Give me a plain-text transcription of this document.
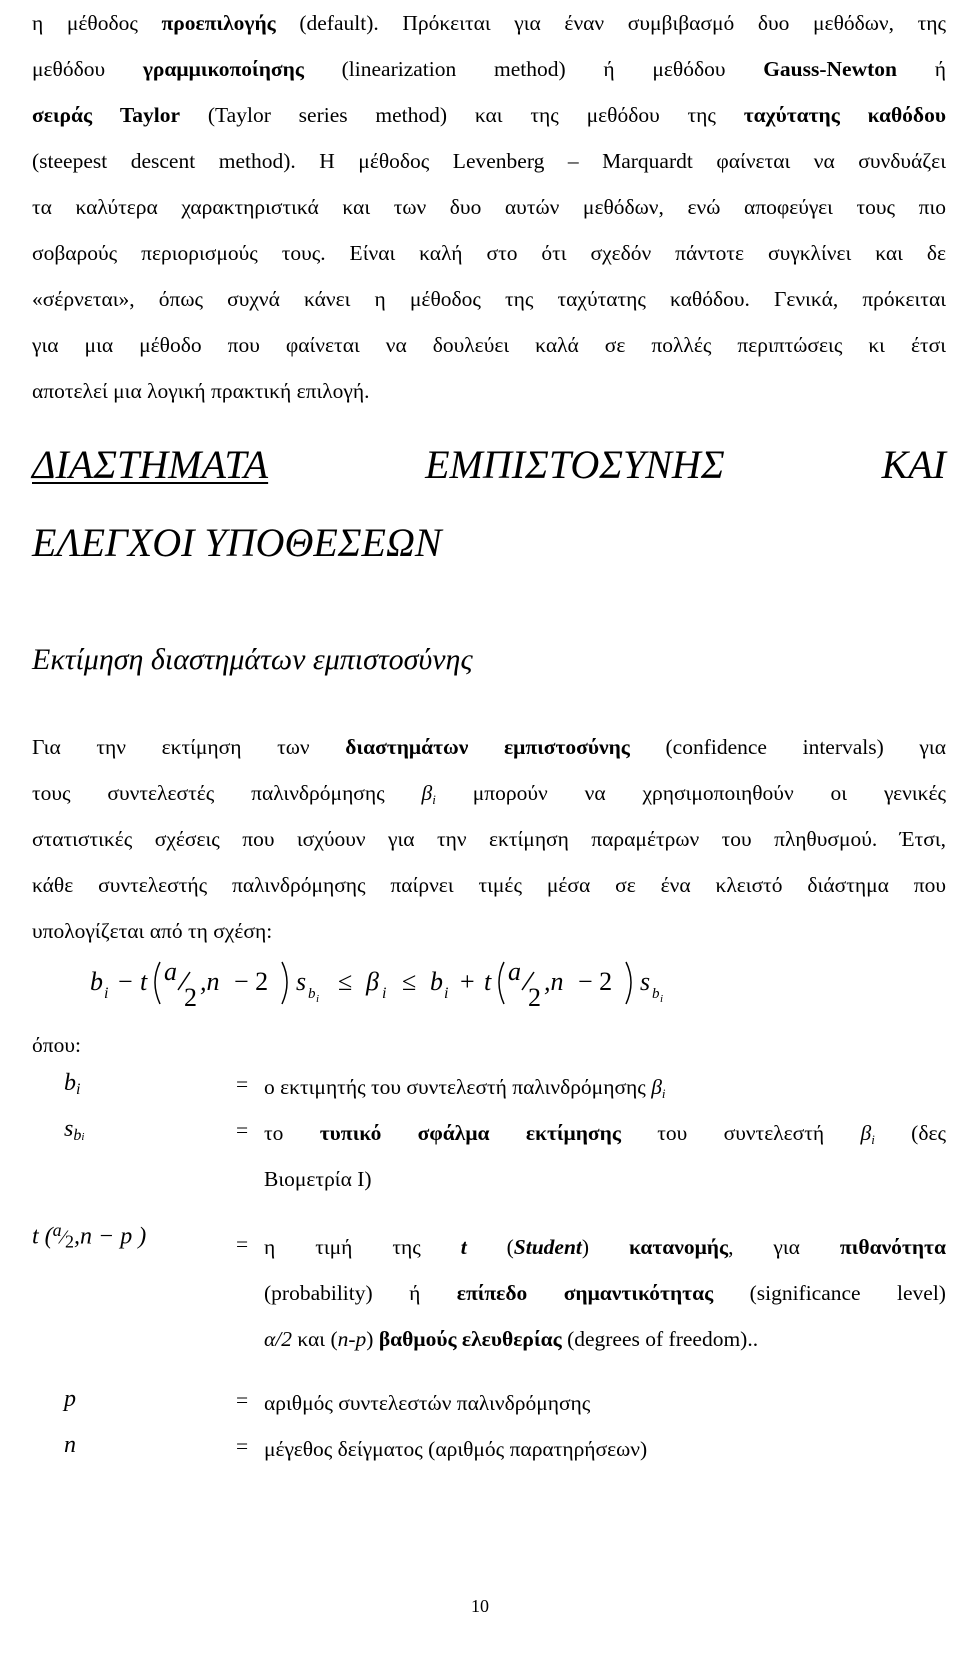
η μέθοδος προεπιλογής (default). Πρόκειται για έναν συμβιβασμό δυο μεθόδων, της
μεθόδου γραμμικοποίησης (linearization method) ή μεθόδου Gauss-Newton ή
σειράς Taylor (Taylor series method) και της μεθόδου της ταχύτατης καθόδου
(steepest descent method). Η μέθοδος Levenberg – Marquardt φαίνεται να συνδυάζει
τα καλύτερα χαρακτηριστικά και των δυο αυτών μεθόδων, ενώ αποφεύγει τους πιο
σοβαρούς περιορισμούς τους. Είναι καλή στο ότι σχεδόν πάντοτε συγκλίνει και δε
«σέρνεται», όπως συχνά κάνει η μέθοδος της ταχύτατης καθόδου. Γενικά, πρόκειται
για μια μέθοδο που φαίνεται να δουλεύει καλά σε πολλές περιπτώσεις κι έτσι
αποτελεί μια λογική πρακτική επιλογή.
ΔΙΑΣΤΗΜΑΤΑ	ΕΜΠΙΣΤΟΣΥΝΗΣ	ΚΑΙ
ΕΛΕΓΧΟΙ ΥΠΟΘΕΣΕΩΝ
Εκτίμηση διαστημάτων εμπιστοσύνης
Για την εκτίμηση των διαστημάτων εμπιστοσύνης (confidence intervals) για
τους συντελεστές παλινδρόμησης $\beta_i$ μπορούν να χρησιμοποιηθούν οι γενικές
στατιστικές σχέσεις που ισχύουν για την εκτίμηση παραμέτρων του πληθυσμού. Έτσι,
κάθε συντελεστής παλινδρόμησης παίρνει τιμές μέσα σε ένα κλειστό διάστημα που
υπολογίζεται από τη σχέση:
b i − t a
2
,n − 2 s b i
≤ β i ≤ b i + t a
2
,n − 2 s b i
όπου:
$b_i$	= ο εκτιμητής του συντελεστή παλινδρόμησης $\beta_i$
$s_{bi}$	= το τυπικό σφάλμα εκτίμησης του συντελεστή $\beta_i$ (δες
Βιομετρία Ι)
t ($^a⁄_2,n - p$ )	= η τιμή της t (Student) κατανομής, για πιθανότητα
(probability) ή επίπεδο σημαντικότητας (significance level)
α/2 και (n-p) βαθμούς ελευθερίας (degrees of freedom)..
p	= αριθμός συντελεστών παλινδρόμησης
n	= μέγεθος δείγματος (αριθμός παρατηρήσεων)
10
